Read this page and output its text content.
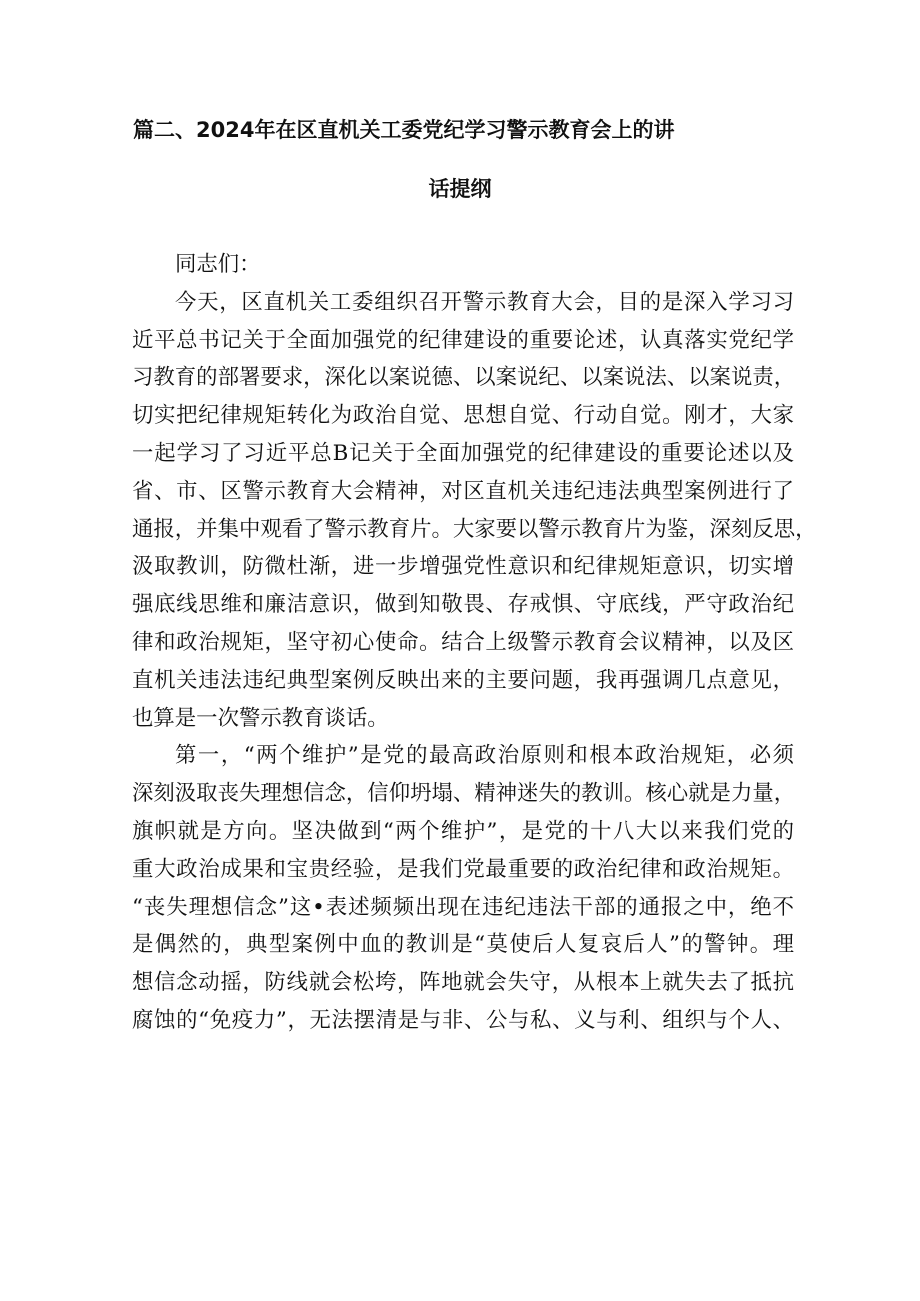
篇二、2024年在区直机关工委党纪学习警示教育会上的讲
话提纲
同志们：
今天，区直机关工委组织召开警示教育大会，目的是深入学习习
近平总书记关于全面加强党的纪律建设的重要论述，认真落实党纪学
习教育的部署要求，深化以案说德、以案说纪、以案说法、以案说责，
切实把纪律规矩转化为政治自觉、思想自觉、行动自觉。刚才，大家
一起学习了习近平总B记关于全面加强党的纪律建设的重要论述以及
省、市、区警示教育大会精神，对区直机关违纪违法典型案例进行了
通报，并集中观看了警示教育片。大家要以警示教育片为鉴，深刻反思，
汲取教训，防微杜渐，进一步增强党性意识和纪律规矩意识，切实增
强底线思维和廉洁意识，做到知敬畏、存戒惧、守底线，严守政治纪
律和政治规矩，坚守初心使命。结合上级警示教育会议精神，以及区
直机关违法违纪典型案例反映出来的主要问题，我再强调几点意见，
也算是一次警示教育谈话。
第一，“两个维护”是党的最高政治原则和根本政治规矩，必须
深刻汲取丧失理想信念，信仰坍塌、精神迷失的教训。核心就是力量，
旗帜就是方向。坚决做到“两个维护”，是党的十八大以来我们党的
重大政治成果和宝贵经验，是我们党最重要的政治纪律和政治规矩。
“丧失理想信念”这•表述频频出现在违纪违法干部的通报之中，绝不
是偶然的，典型案例中血的教训是“莫使后人复哀后人”的警钟。理
想信念动摇，防线就会松垮，阵地就会失守，从根本上就失去了抵抗
腐蚀的“免疫力”，无法摆清是与非、公与私、义与利、组织与个人、
